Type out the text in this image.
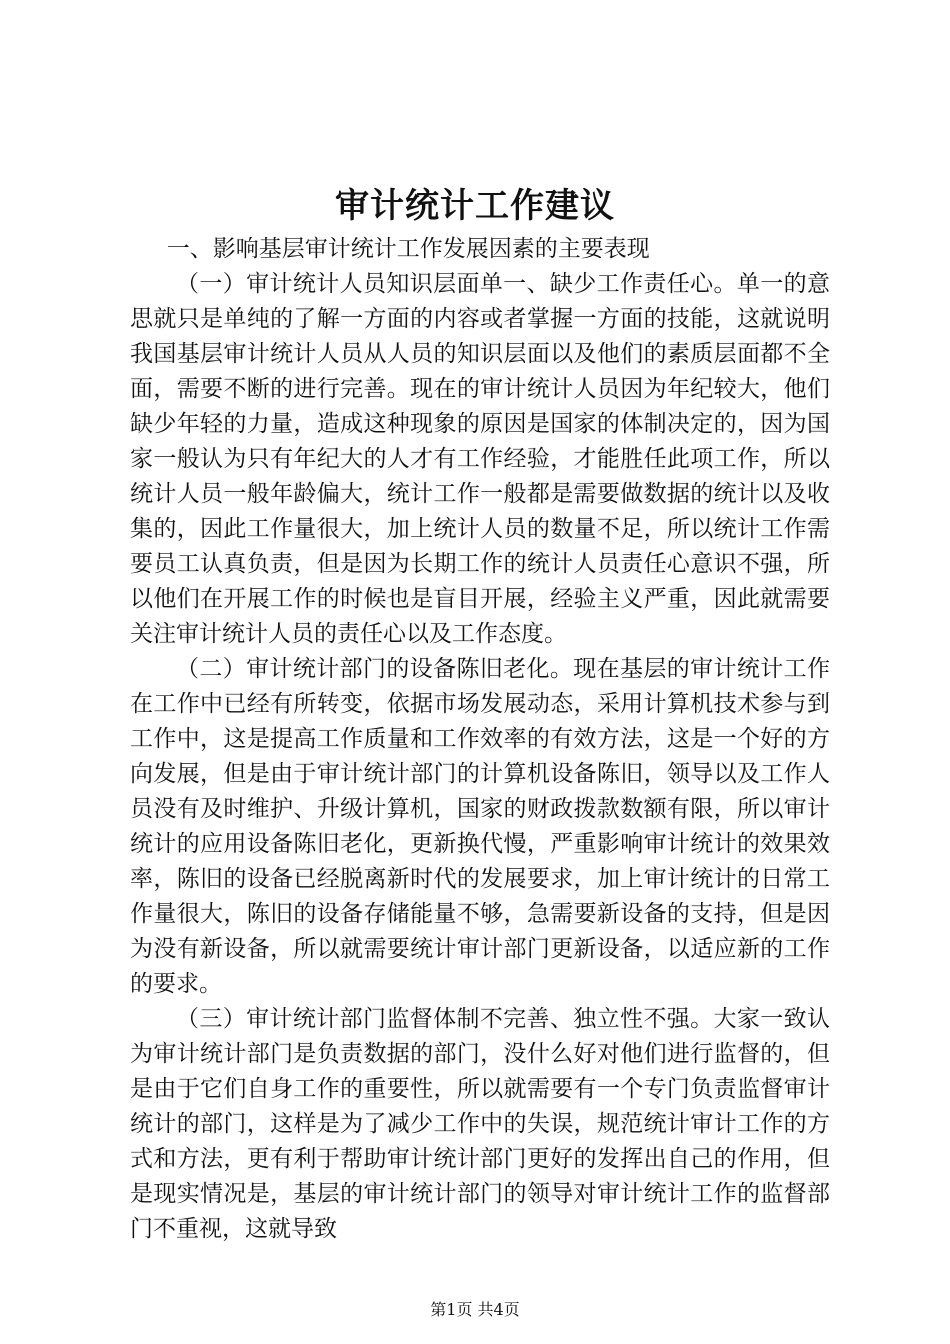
审计统计工作建议

一、影响基层审计统计工作发展因素的主要表现

（一）审计统计人员知识层面单一、缺少工作责任心。单一的意思就只是单纯的了解一方面的内容或者掌握一方面的技能，这就说明我国基层审计统计人员从人员的知识层面以及他们的素质层面都不全面，需要不断的进行完善。现在的审计统计人员因为年纪较大，他们缺少年轻的力量，造成这种现象的原因是国家的体制决定的，因为国家一般认为只有年纪大的人才有工作经验，才能胜任此项工作，所以统计人员一般年龄偏大，统计工作一般都是需要做数据的统计以及收集的，因此工作量很大，加上统计人员的数量不足，所以统计工作需要员工认真负责，但是因为长期工作的统计人员责任心意识不强，所以他们在开展工作的时候也是盲目开展，经验主义严重，因此就需要关注审计统计人员的责任心以及工作态度。

（二）审计统计部门的设备陈旧老化。现在基层的审计统计工作在工作中已经有所转变，依据市场发展动态，采用计算机技术参与到工作中，这是提高工作质量和工作效率的有效方法，这是一个好的方向发展，但是由于审计统计部门的计算机设备陈旧，领导以及工作人员没有及时维护、升级计算机，国家的财政拨款数额有限，所以审计统计的应用设备陈旧老化，更新换代慢，严重影响审计统计的效果效率，陈旧的设备已经脱离新时代的发展要求，加上审计统计的日常工作量很大，陈旧的设备存储能量不够，急需要新设备的支持，但是因为没有新设备，所以就需要统计审计部门更新设备，以适应新的工作的要求。

（三）审计统计部门监督体制不完善、独立性不强。大家一致认为审计统计部门是负责数据的部门，没什么好对他们进行监督的，但是由于它们自身工作的重要性，所以就需要有一个专门负责监督审计统计的部门，这样是为了减少工作中的失误，规范统计审计工作的方式和方法，更有利于帮助审计统计部门更好的发挥出自己的作用，但是现实情况是，基层的审计统计部门的领导对审计统计工作的监督部门不重视，这就导致

第1页 共4页
